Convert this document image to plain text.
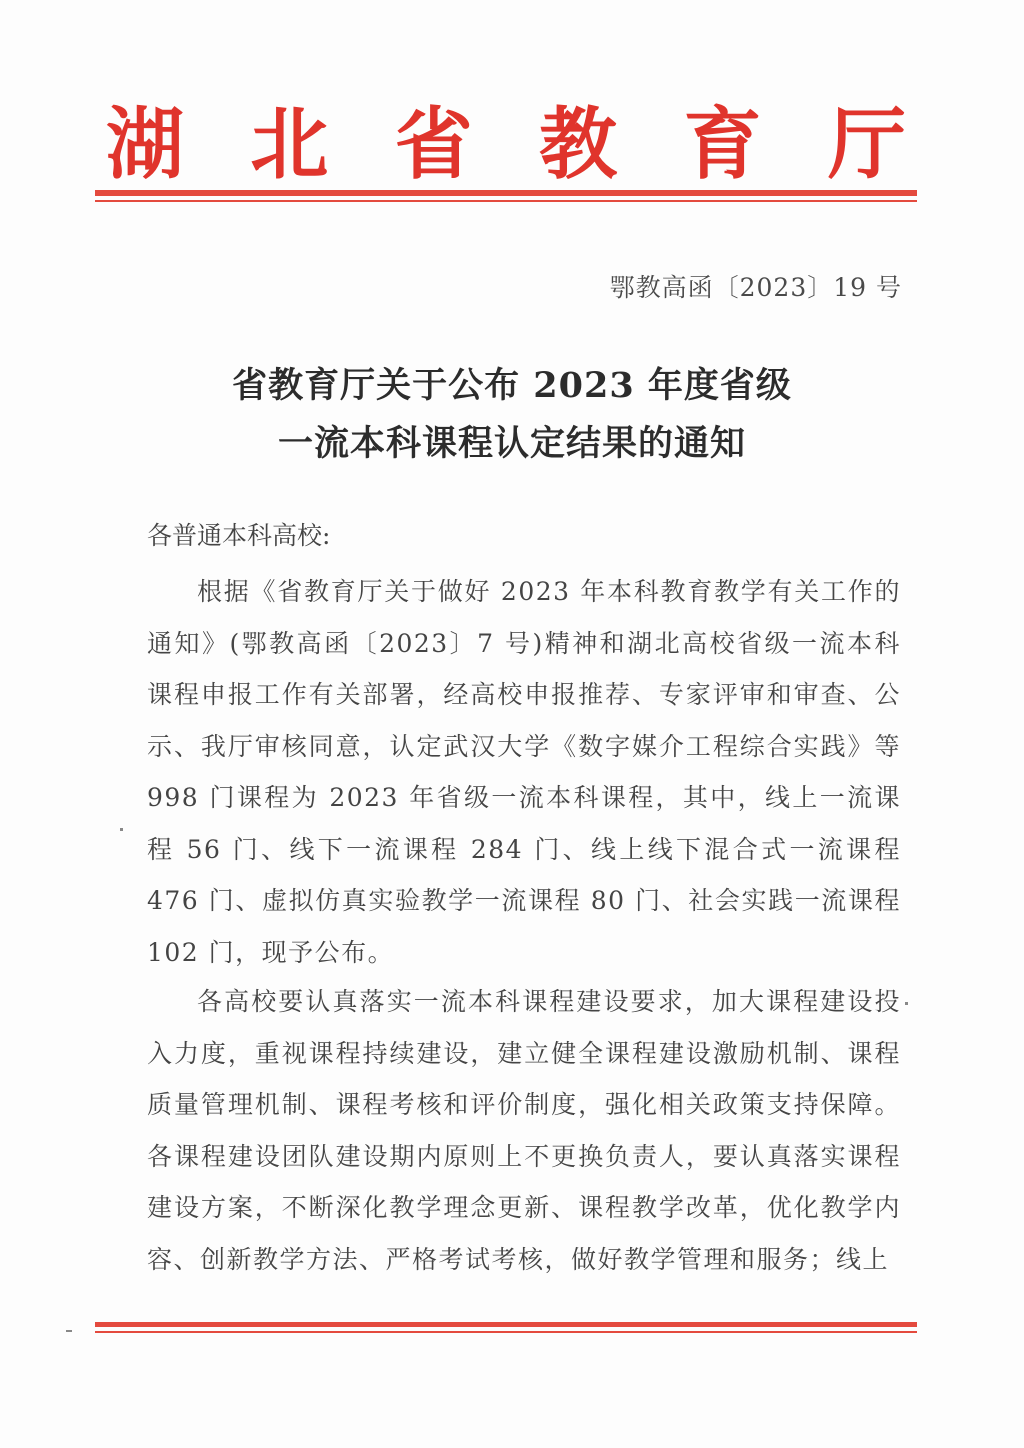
湖 北 省 教 育 厅
鄂教高函〔2023〕19 号
省教育厅关于公布 2023 年度省级
一流本科课程认定结果的通知
各普通本科高校:
根据《省教育厅关于做好 2023 年本科教育教学有关工作的通知》(鄂教高函〔2023〕7 号)精神和湖北高校省级一流本科课程申报工作有关部署，经高校申报推荐、专家评审和审查、公示、我厅审核同意，认定武汉大学《数字媒介工程综合实践》等 998 门课程为 2023 年省级一流本科课程，其中，线上一流课程 56 门、线下一流课程 284 门、线上线下混合式一流课程 476 门、虚拟仿真实验教学一流课程 80 门、社会实践一流课程 102 门，现予公布。
各高校要认真落实一流本科课程建设要求，加大课程建设投入力度，重视课程持续建设，建立健全课程建设激励机制、课程质量管理机制、课程考核和评价制度，强化相关政策支持保障。各课程建设团队建设期内原则上不更换负责人，要认真落实课程建设方案，不断深化教学理念更新、课程教学改革，优化教学内容、创新教学方法、严格考试考核，做好教学管理和服务；线上
